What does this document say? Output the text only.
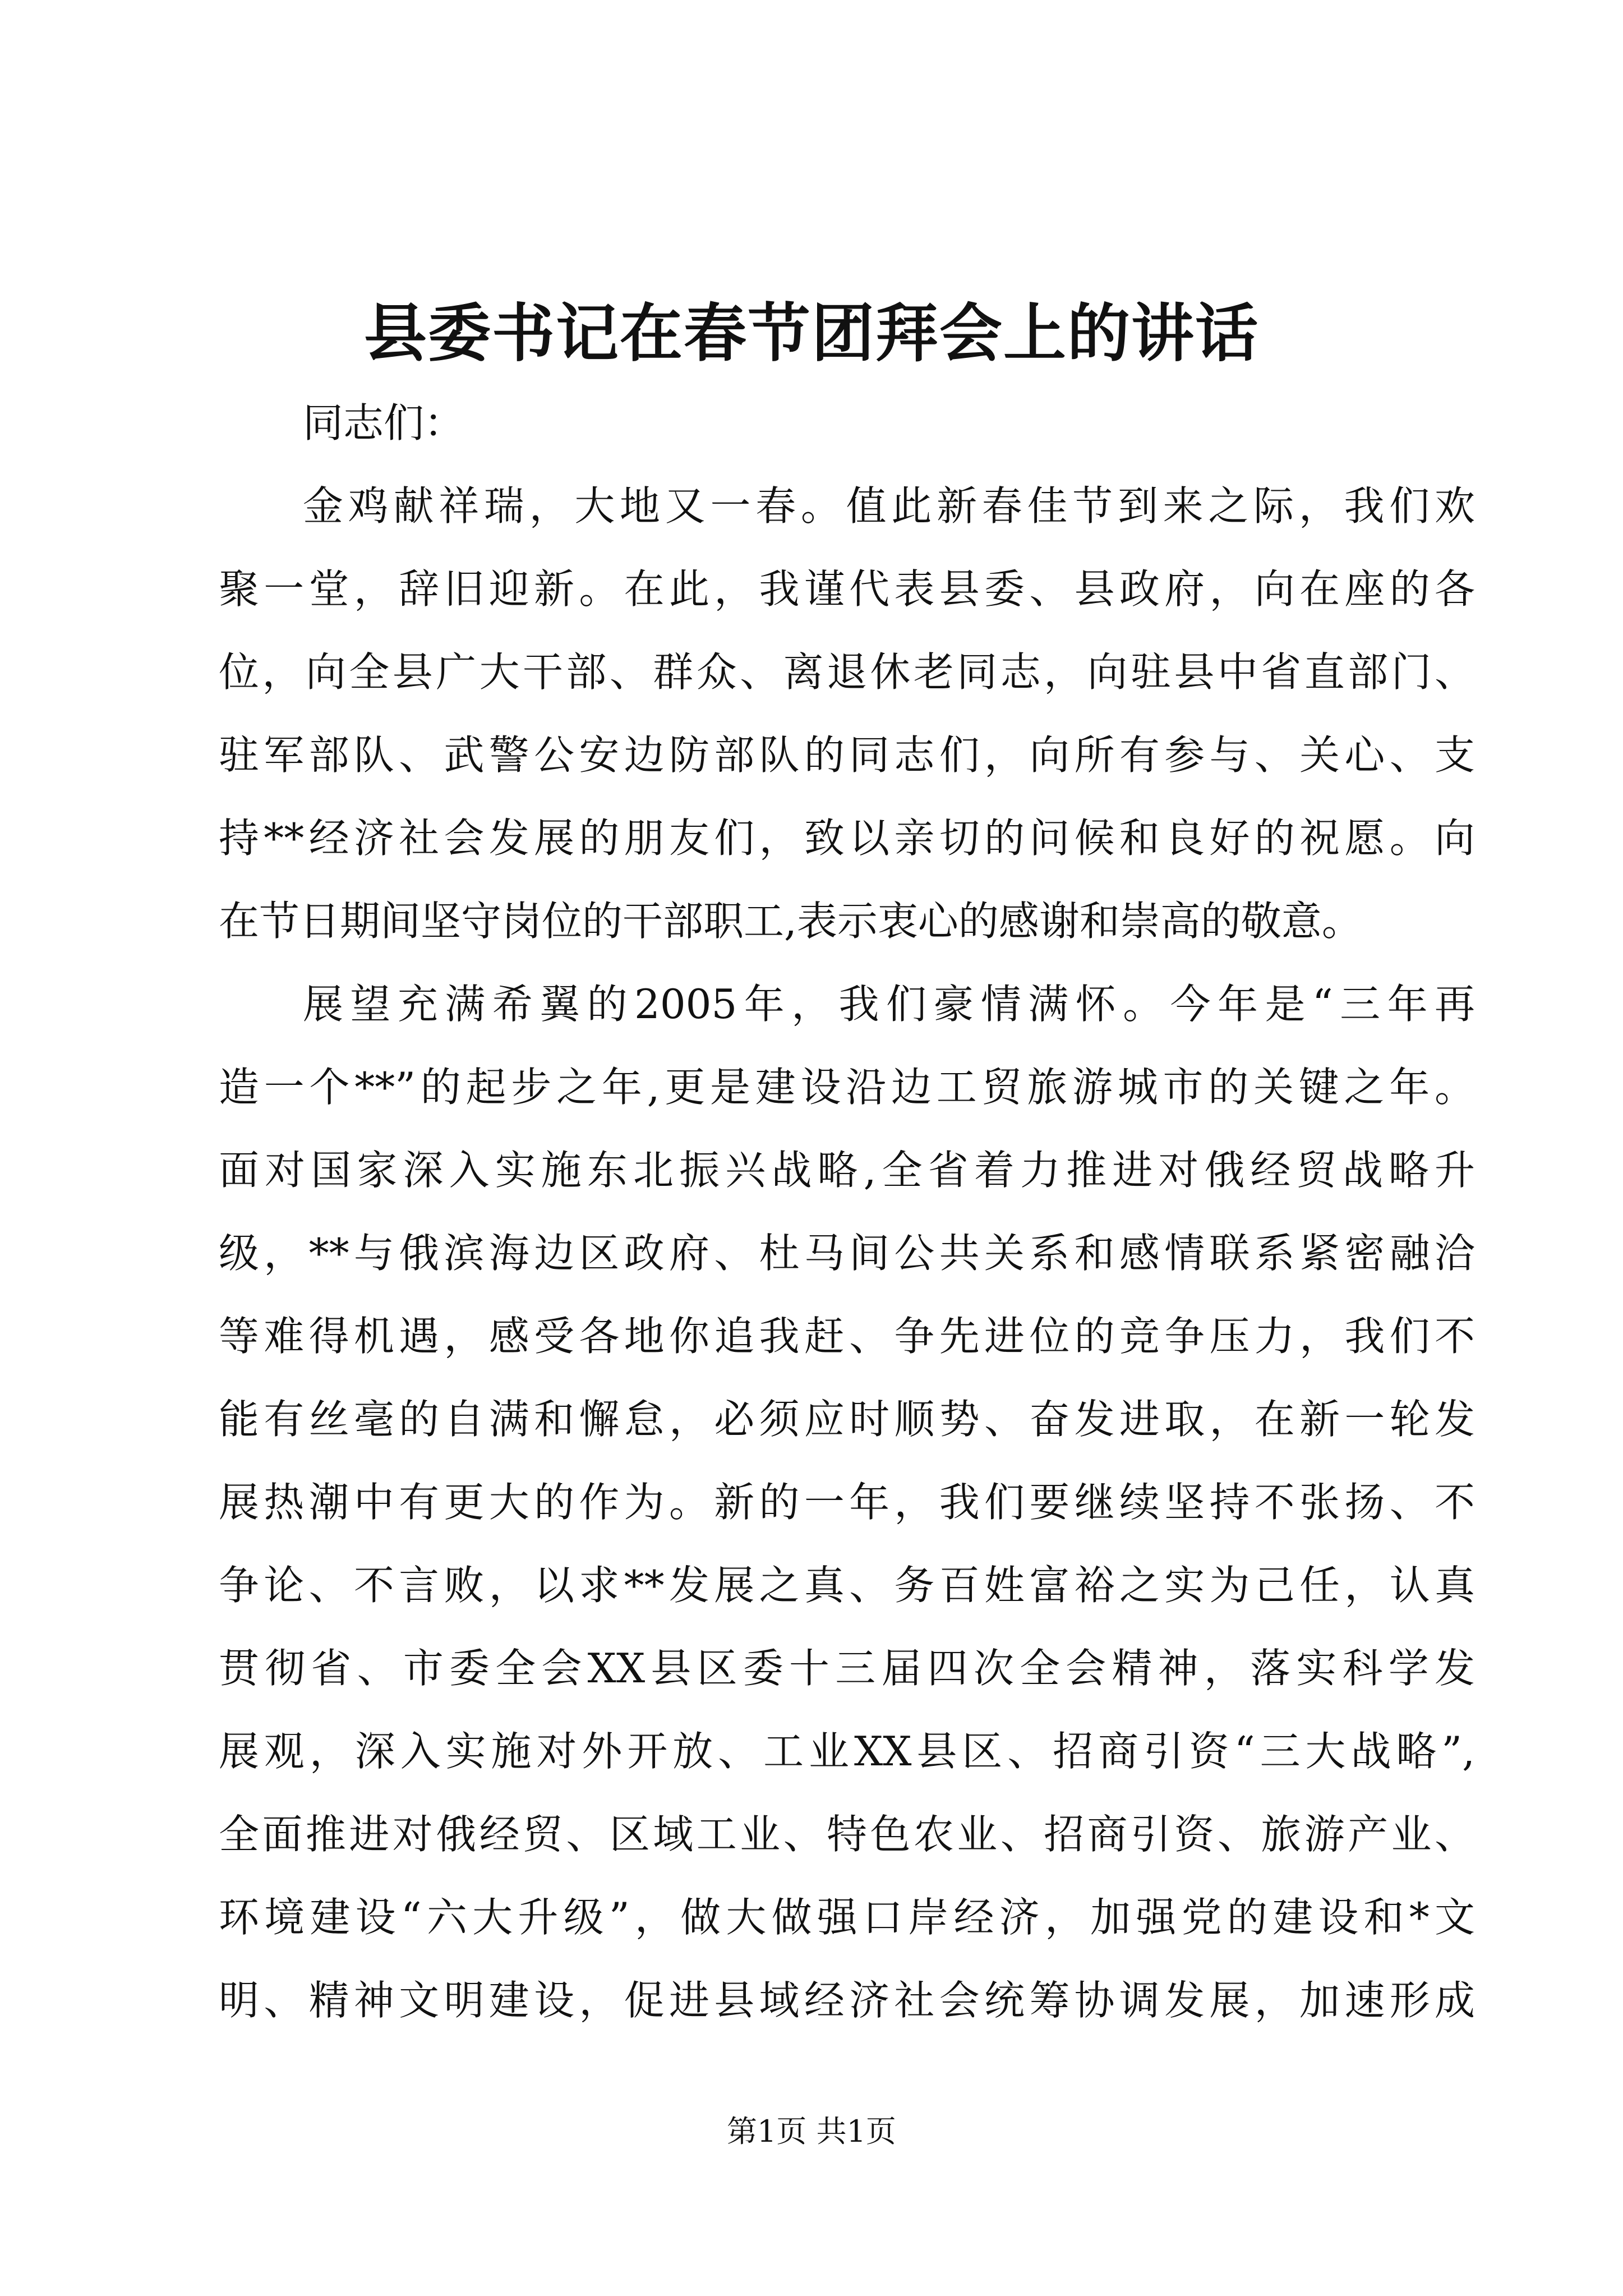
县委书记在春节团拜会上的讲话
同志们：
金鸡献祥瑞，大地又一春。值此新春佳节到来之际，我们欢
聚一堂，辞旧迎新。在此，我谨代表县委、县政府，向在座的各
位，向全县广大干部、群众、离退休老同志，向驻县中省直部门、
驻军部队、武警公安边防部队的同志们，向所有参与、关心、支
持**经济社会发展的朋友们，致以亲切的问候和良好的祝愿。向
在节日期间坚守岗位的干部职工,表示衷心的感谢和崇高的敬意。
展望充满希翼的2005年，我们豪情满怀。今年是“三年再
造一个**”的起步之年,更是建设沿边工贸旅游城市的关键之年。
面对国家深入实施东北振兴战略,全省着力推进对俄经贸战略升
级，**与俄滨海边区政府、杜马间公共关系和感情联系紧密融洽
等难得机遇，感受各地你追我赶、争先进位的竞争压力，我们不
能有丝毫的自满和懈怠，必须应时顺势、奋发进取，在新一轮发
展热潮中有更大的作为。新的一年，我们要继续坚持不张扬、不
争论、不言败，以求**发展之真、务百姓富裕之实为己任，认真
贯彻省、市委全会XX县区委十三届四次全会精神，落实科学发
展观，深入实施对外开放、工业XX县区、招商引资“三大战略”,
全面推进对俄经贸、区域工业、特色农业、招商引资、旅游产业、
环境建设“六大升级”，做大做强口岸经济，加强党的建设和*文
明、精神文明建设，促进县域经济社会统筹协调发展，加速形成
第1页 共1页
